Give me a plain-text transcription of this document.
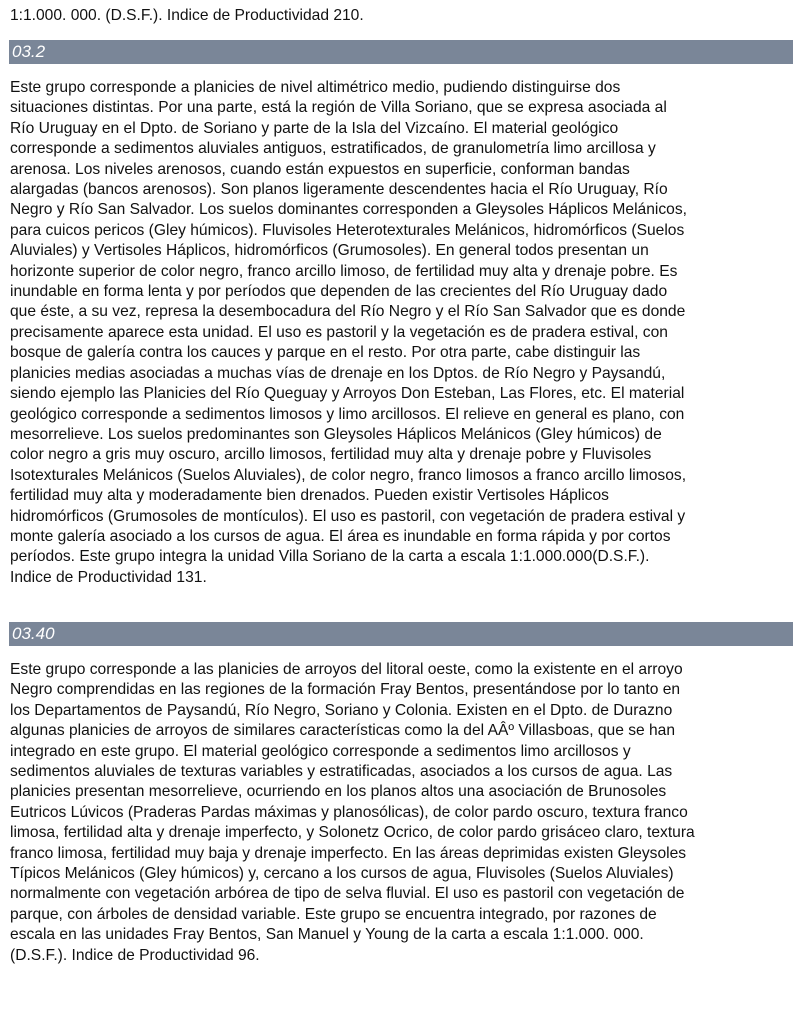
1:1.000. 000. (D.S.F.). Indice de Productividad 210.

03.2
Este grupo corresponde a planicies de nivel altimétrico medio, pudiendo distinguirse dos
situaciones distintas. Por una parte, está la región de Villa Soriano, que se expresa asociada al
Río Uruguay en el Dpto. de Soriano y parte de la Isla del Vizcaíno. El material geológico
corresponde a sedimentos aluviales antiguos, estratificados, de granulometría limo arcillosa y
arenosa. Los niveles arenosos, cuando están expuestos en superficie, conforman bandas
alargadas (bancos arenosos). Son planos ligeramente descendentes hacia el Río Uruguay, Río
Negro y Río San Salvador. Los suelos dominantes corresponden a Gleysoles Háplicos Melánicos,
para cuicos pericos (Gley húmicos). Fluvisoles Heterotexturales Melánicos, hidromórficos (Suelos
Aluviales) y Vertisoles Háplicos, hidromórficos (Grumosoles). En general todos presentan un
horizonte superior de color negro, franco arcillo limoso, de fertilidad muy alta y drenaje pobre. Es
inundable en forma lenta y por períodos que dependen de las crecientes del Río Uruguay dado
que éste, a su vez, represa la desembocadura del Río Negro y el Río San Salvador que es donde
precisamente aparece esta unidad. El uso es pastoril y la vegetación es de pradera estival, con
bosque de galería contra los cauces y parque en el resto. Por otra parte, cabe distinguir las
planicies medias asociadas a muchas vías de drenaje en los Dptos. de Río Negro y Paysandú,
siendo ejemplo las Planicies del Río Queguay y Arroyos Don Esteban, Las Flores, etc. El material
geológico corresponde a sedimentos limosos y limo arcillosos. El relieve en general es plano, con
mesorrelieve. Los suelos predominantes son Gleysoles Háplicos Melánicos (Gley húmicos) de
color negro a gris muy oscuro, arcillo limosos, fertilidad muy alta y drenaje pobre y Fluvisoles
Isotexturales Melánicos (Suelos Aluviales), de color negro, franco limosos a franco arcillo limosos,
fertilidad muy alta y moderadamente bien drenados. Pueden existir Vertisoles Háplicos
hidromórficos (Grumosoles de montículos). El uso es pastoril, con vegetación de pradera estival y
monte galería asociado a los cursos de agua. El área es inundable en forma rápida y por cortos
períodos. Este grupo integra la unidad Villa Soriano de la carta a escala 1:1.000.000(D.S.F.).
Indice de Productividad 131.
03.40
Este grupo corresponde a las planicies de arroyos del litoral oeste, como la existente en el arroyo
Negro comprendidas en las regiones de la formación Fray Bentos, presentándose por lo tanto en
los Departamentos de Paysandú, Río Negro, Soriano y Colonia. Existen en el Dpto. de Durazno
algunas planicies de arroyos de similares características como la del AÂº Villasboas, que se han
integrado en este grupo. El material geológico corresponde a sedimentos limo arcillosos y
sedimentos aluviales de texturas variables y estratificadas, asociados a los cursos de agua. Las
planicies presentan mesorrelieve, ocurriendo en los planos altos una asociación de Brunosoles
Eutricos Lúvicos (Praderas Pardas máximas y planosólicas), de color pardo oscuro, textura franco
limosa, fertilidad alta y drenaje imperfecto, y Solonetz Ocrico, de color pardo grisáceo claro, textura
franco limosa, fertilidad muy baja y drenaje imperfecto. En las áreas deprimidas existen Gleysoles
Típicos Melánicos (Gley húmicos) y, cercano a los cursos de agua, Fluvisoles (Suelos Aluviales)
normalmente con vegetación arbórea de tipo de selva fluvial. El uso es pastoril con vegetación de
parque, con árboles de densidad variable. Este grupo se encuentra integrado, por razones de
escala en las unidades Fray Bentos, San Manuel y Young de la carta a escala 1:1.000. 000.
(D.S.F.). Indice de Productividad 96.
